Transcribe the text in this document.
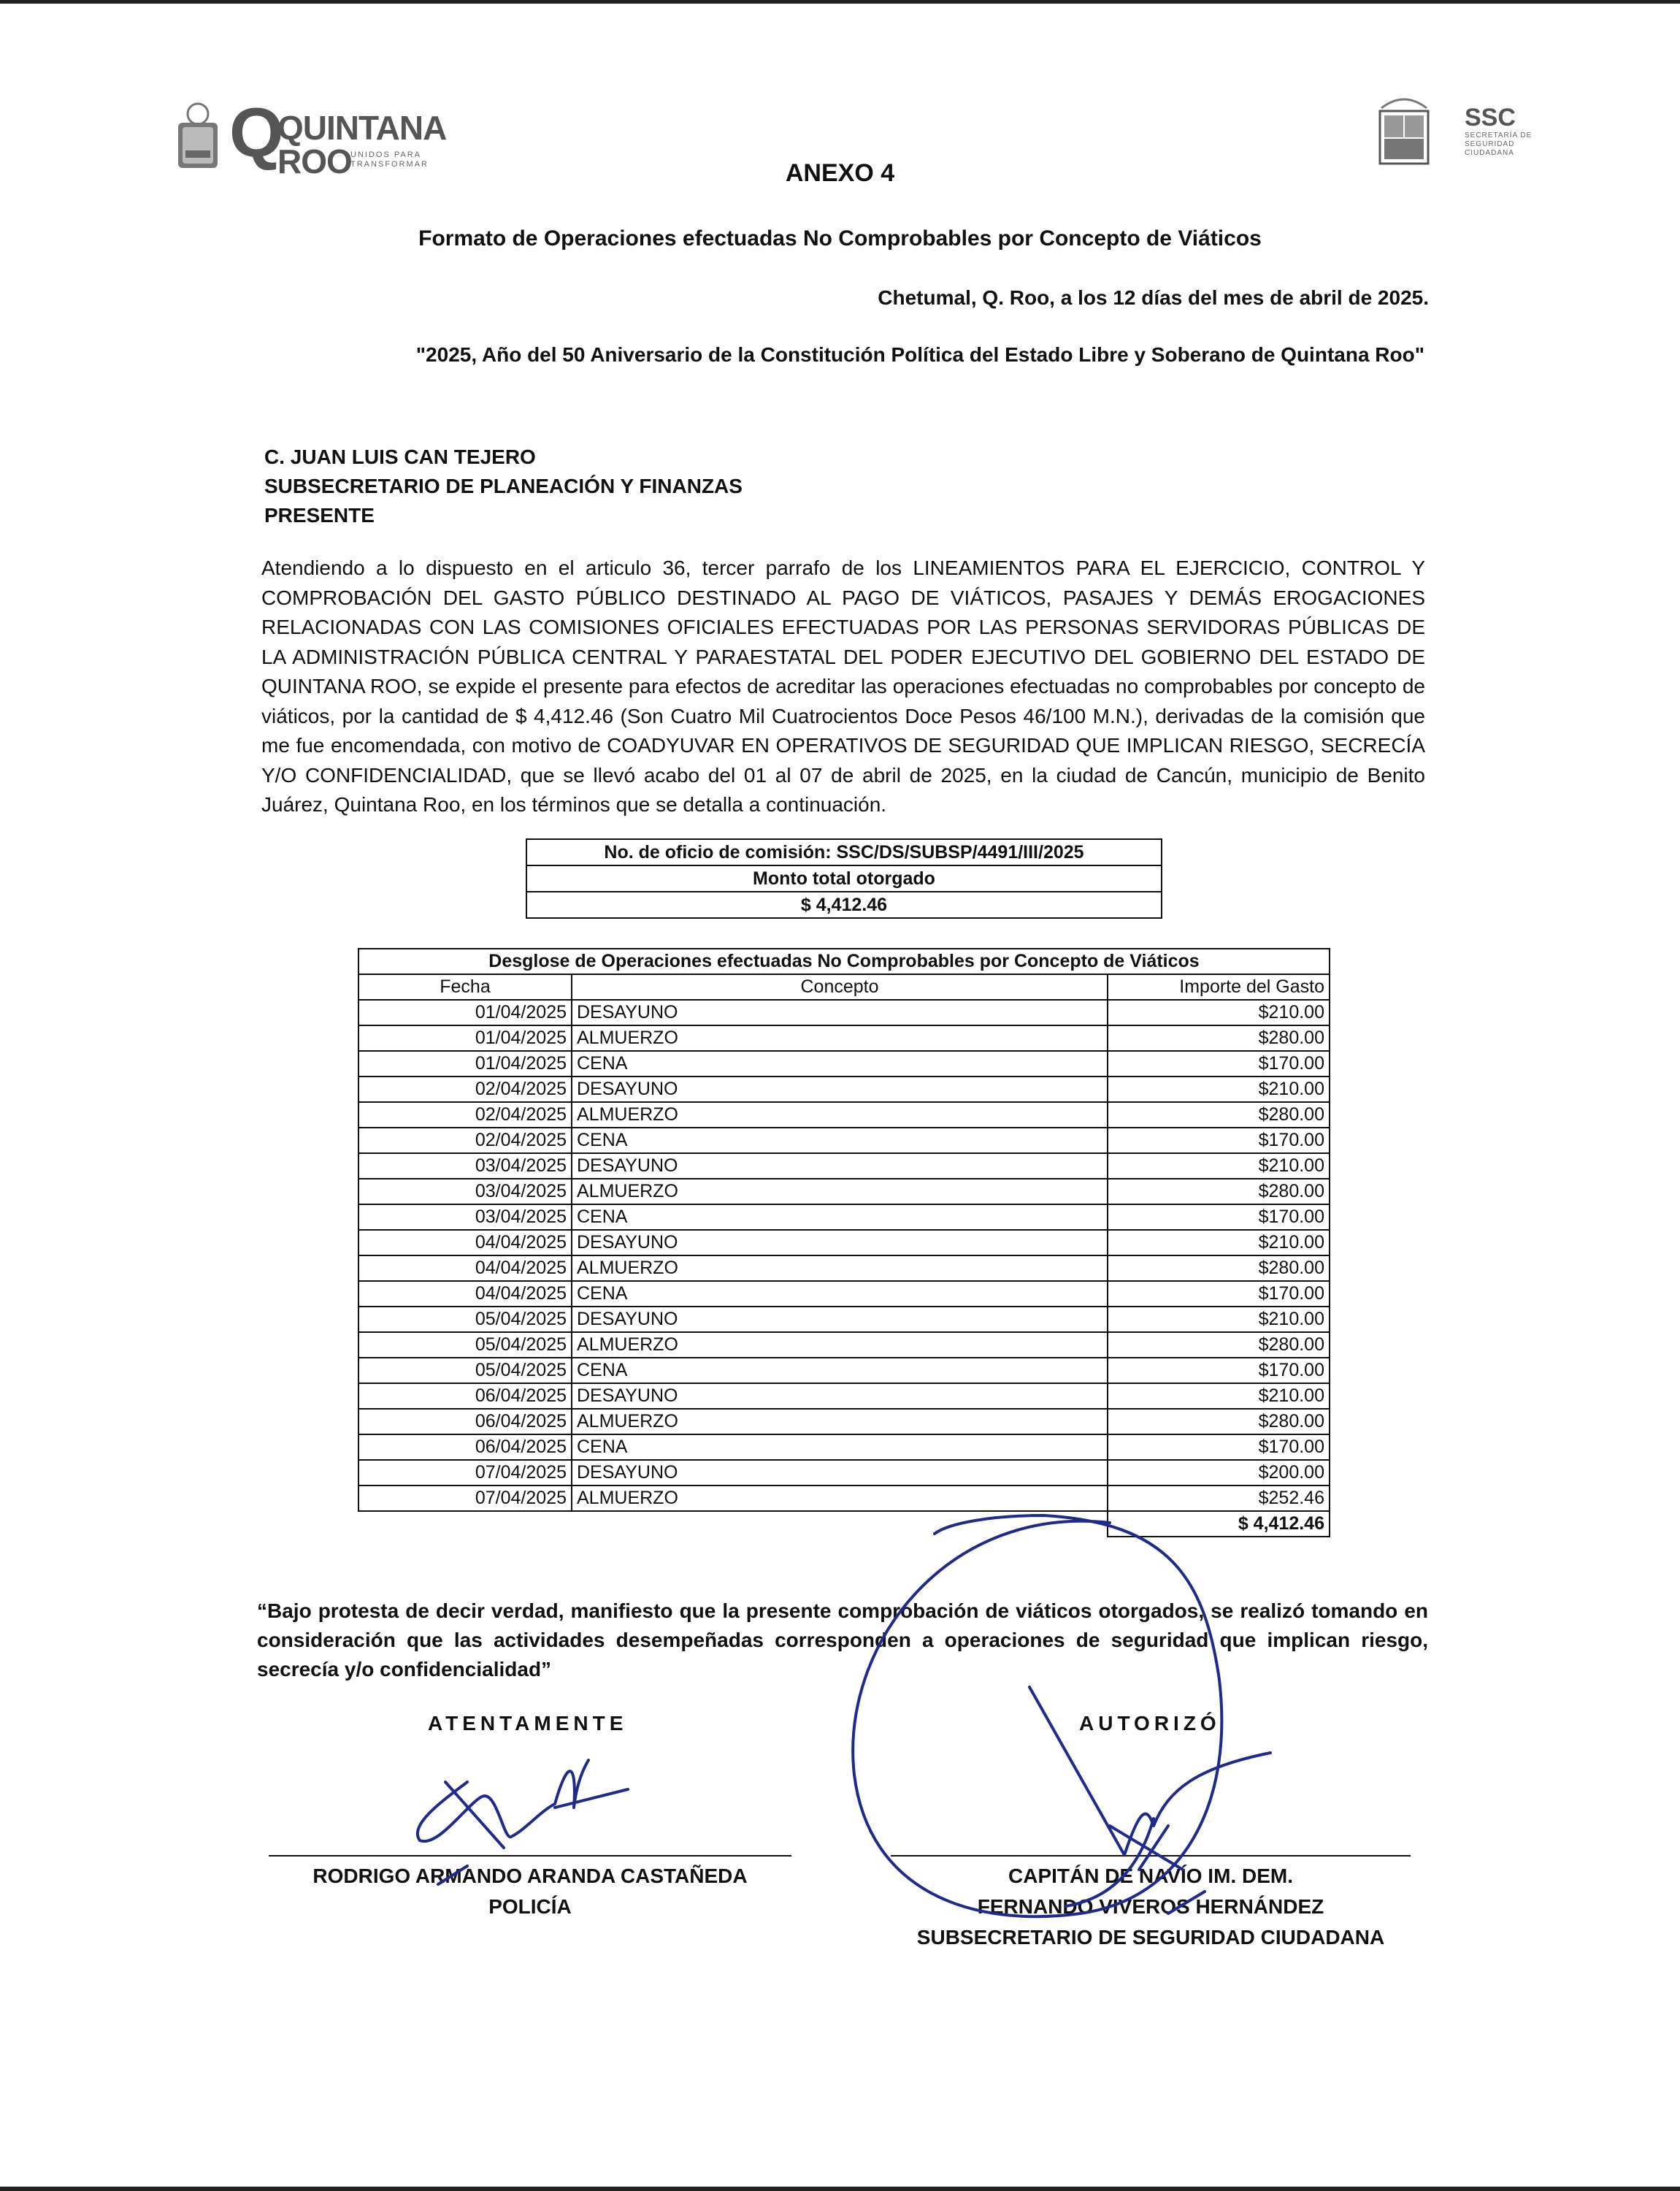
Q
QUINTANA
ROO
UNIDOS PARA TRANSFORMAR
SSC
SECRETARÍA DE SEGURIDAD CIUDADANA
ANEXO 4
Formato de Operaciones efectuadas No Comprobables por Concepto de Viáticos
Chetumal, Q. Roo, a los 12 días del mes de abril de 2025.
"2025, Año del 50 Aniversario de la Constitución Política del Estado Libre y Soberano de Quintana Roo"
C. JUAN LUIS CAN TEJERO
SUBSECRETARIO DE PLANEACIÓN Y FINANZAS
PRESENTE
Atendiendo a lo dispuesto en el articulo 36, tercer parrafo de los LINEAMIENTOS PARA EL EJERCICIO, CONTROL Y COMPROBACIÓN DEL GASTO PÚBLICO DESTINADO AL PAGO DE VIÁTICOS, PASAJES Y DEMÁS EROGACIONES RELACIONADAS CON LAS COMISIONES OFICIALES EFECTUADAS POR LAS PERSONAS SERVIDORAS PÚBLICAS DE LA ADMINISTRACIÓN PÚBLICA CENTRAL Y PARAESTATAL DEL PODER EJECUTIVO DEL GOBIERNO DEL ESTADO DE QUINTANA ROO, se expide el presente para efectos de acreditar las operaciones efectuadas no comprobables por concepto de viáticos, por la cantidad de $ 4,412.46 (Son Cuatro Mil Cuatrocientos Doce Pesos 46/100 M.N.), derivadas de la comisión que me fue encomendada, con motivo de COADYUVAR EN OPERATIVOS DE SEGURIDAD QUE IMPLICAN RIESGO, SECRECÍA Y/O CONFIDENCIALIDAD, que se llevó acabo del 01 al 07 de abril de 2025, en la ciudad de Cancún, municipio de Benito Juárez, Quintana Roo, en los términos que se detalla a continuación.
No. de oficio de comisión: SSC/DS/SUBSP/4491/III/2025
Monto total otorgado
$ 4,412.46
Desglose de Operaciones efectuadas No Comprobables por Concepto de Viáticos		
Fecha	Concepto	Importe del Gasto
01/04/2025	DESAYUNO	$210.00
01/04/2025	ALMUERZO	$280.00
01/04/2025	CENA	$170.00
02/04/2025	DESAYUNO	$210.00
02/04/2025	ALMUERZO	$280.00
02/04/2025	CENA	$170.00
03/04/2025	DESAYUNO	$210.00
03/04/2025	ALMUERZO	$280.00
03/04/2025	CENA	$170.00
04/04/2025	DESAYUNO	$210.00
04/04/2025	ALMUERZO	$280.00
04/04/2025	CENA	$170.00
05/04/2025	DESAYUNO	$210.00
05/04/2025	ALMUERZO	$280.00
05/04/2025	CENA	$170.00
06/04/2025	DESAYUNO	$210.00
06/04/2025	ALMUERZO	$280.00
06/04/2025	CENA	$170.00
07/04/2025	DESAYUNO	$200.00
07/04/2025	ALMUERZO	$252.46
		$ 4,412.46
“Bajo protesta de decir verdad, manifiesto que la presente comprobación de viáticos otorgados, se realizó tomando en consideración que las actividades desempeñadas corresponden a operaciones de seguridad que implican riesgo, secrecía y/o confidencialidad”
ATENTAMENTE	AUTORIZÓ
RODRIGO ARMANDO ARANDA CASTAÑEDA
POLICÍA
CAPITÁN DE NAVÍO IM. DEM.
FERNANDO VIVEROS HERNÁNDEZ
SUBSECRETARIO DE SEGURIDAD CIUDADANA
